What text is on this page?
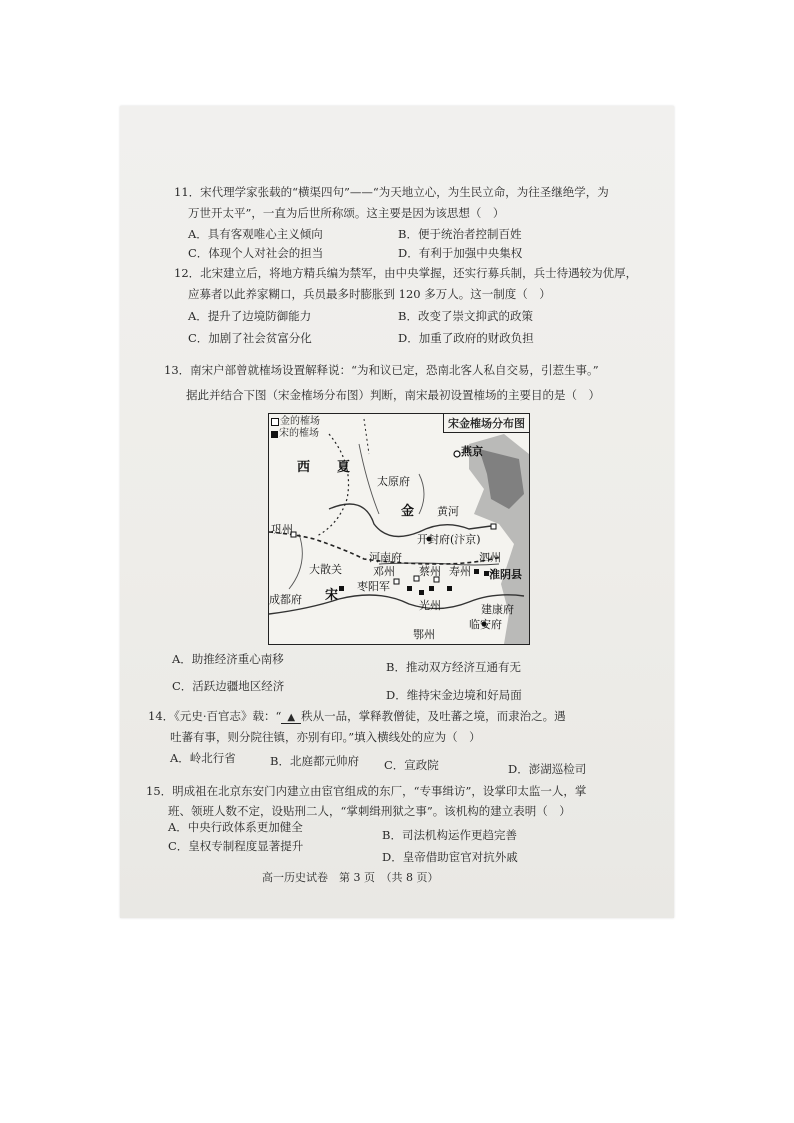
11．宋代理学家张载的“横渠四句”——“为天地立心，为生民立命，为往圣继绝学，为
万世开太平”，一直为后世所称颂。这主要是因为该思想（　）
A．具有客观唯心主义倾向	B．便于统治者控制百姓
C．体现个人对社会的担当	D．有利于加强中央集权
12．北宋建立后，将地方精兵编为禁军，由中央掌握，还实行募兵制，兵士待遇较为优厚，
应募者以此养家糊口，兵员最多时膨胀到 120 多万人。这一制度（　）
A．提升了边境防御能力	B．改变了崇文抑武的政策
C．加剧了社会贫富分化	D．加重了政府的财政负担
13．南宋户部曾就榷场设置解释说：“为和议已定，恐南北客人私自交易，引惹生事。”
据此并结合下图（宋金榷场分布图）判断，南宋最初设置榷场的主要目的是（　）
金的榷场
宋的榷场
宋金榷场分布图
西 夏
燕京
太原府
金 黄河
巩州
开封府(汴京)
河南府	泗州
大散关	邓州 蔡州 寿州 淮阴县
枣阳军
成都府 宋
光州	建康府
临安府
鄂州
A．助推经济重心南移
B．推动双方经济互通有无
C．活跃边疆地区经济
D．维持宋金边境和好局面
14．《元史·百官志》载：“ ▲ 秩从一品，掌释教僧徒，及吐蕃之境，而隶治之。遇
吐蕃有事，则分院往镇，亦别有印。”填入横线处的应为（　）
A．岭北行省	B．北庭都元帅府 C．宣政院	D．澎湖巡检司
15．明成祖在北京东安门内建立由宦官组成的东厂，“专事缉访”，设掌印太监一人，掌
班、领班人数不定，设贴刑二人，“掌刺缉刑狱之事”。该机构的建立表明（　）
A．中央行政体系更加健全
B．司法机构运作更趋完善
C．皇权专制程度显著提升
D．皇帝借助宦官对抗外戚
高一历史试卷　第 3 页　（共 8 页）
